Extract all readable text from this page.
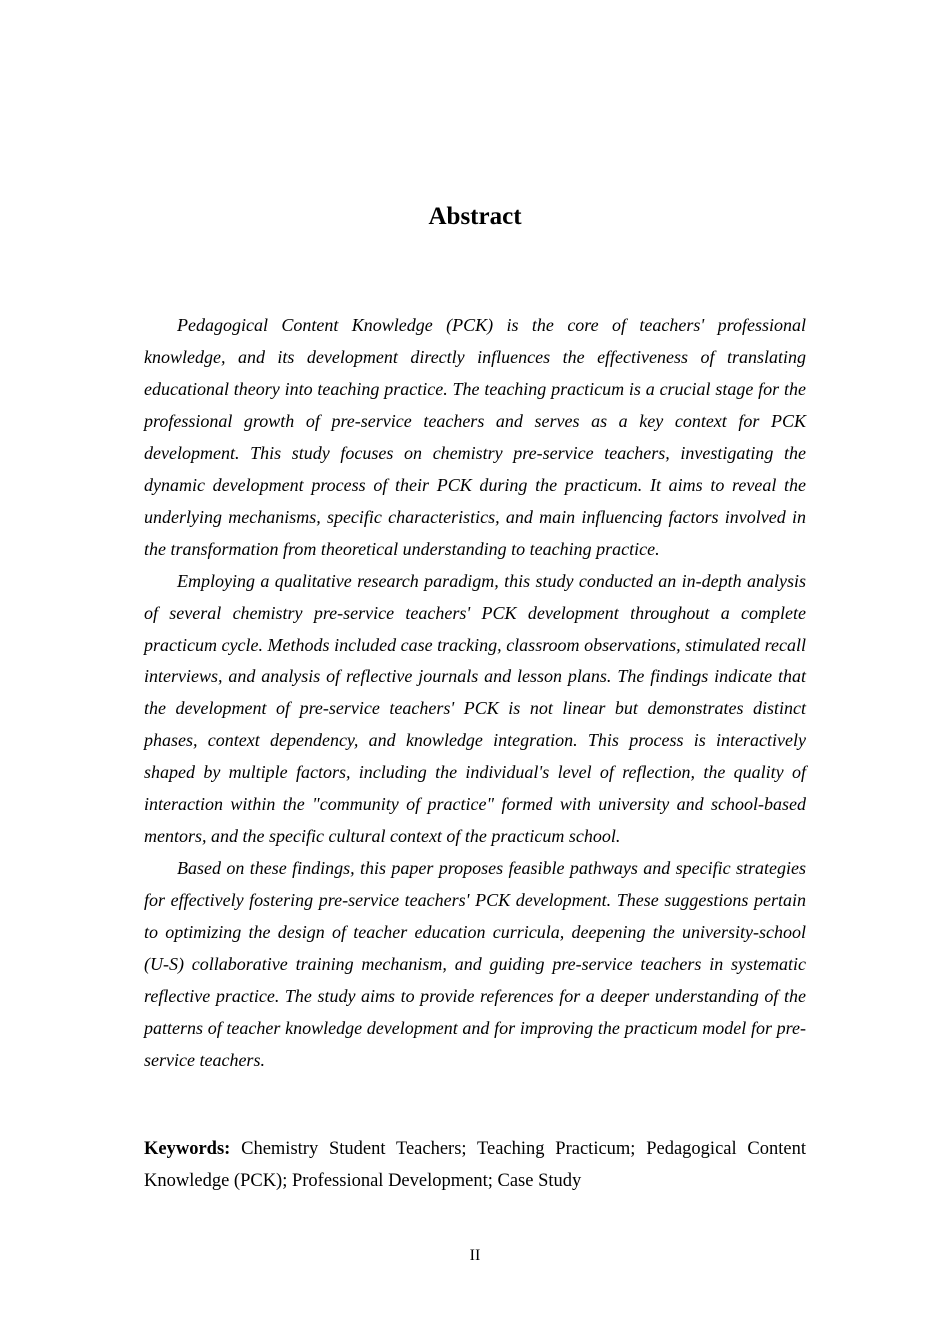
Abstract

Pedagogical Content Knowledge (PCK) is the core of teachers' professional knowledge, and its development directly influences the effectiveness of translating educational theory into teaching practice. The teaching practicum is a crucial stage for the professional growth of pre-service teachers and serves as a key context for PCK development. This study focuses on chemistry pre-service teachers, investigating the dynamic development process of their PCK during the practicum. It aims to reveal the underlying mechanisms, specific characteristics, and main influencing factors involved in the transformation from theoretical understanding to teaching practice.

Employing a qualitative research paradigm, this study conducted an in-depth analysis of several chemistry pre-service teachers' PCK development throughout a complete practicum cycle. Methods included case tracking, classroom observations, stimulated recall interviews, and analysis of reflective journals and lesson plans. The findings indicate that the development of pre-service teachers' PCK is not linear but demonstrates distinct phases, context dependency, and knowledge integration. This process is interactively shaped by multiple factors, including the individual's level of reflection, the quality of interaction within the "community of practice" formed with university and school-based mentors, and the specific cultural context of the practicum school.

Based on these findings, this paper proposes feasible pathways and specific strategies for effectively fostering pre-service teachers' PCK development. These suggestions pertain to optimizing the design of teacher education curricula, deepening the university-school (U-S) collaborative training mechanism, and guiding pre-service teachers in systematic reflective practice. The study aims to provide references for a deeper understanding of the patterns of teacher knowledge development and for improving the practicum model for pre-service teachers.

Keywords: Chemistry Student Teachers; Teaching Practicum; Pedagogical Content Knowledge (PCK); Professional Development; Case Study

II
